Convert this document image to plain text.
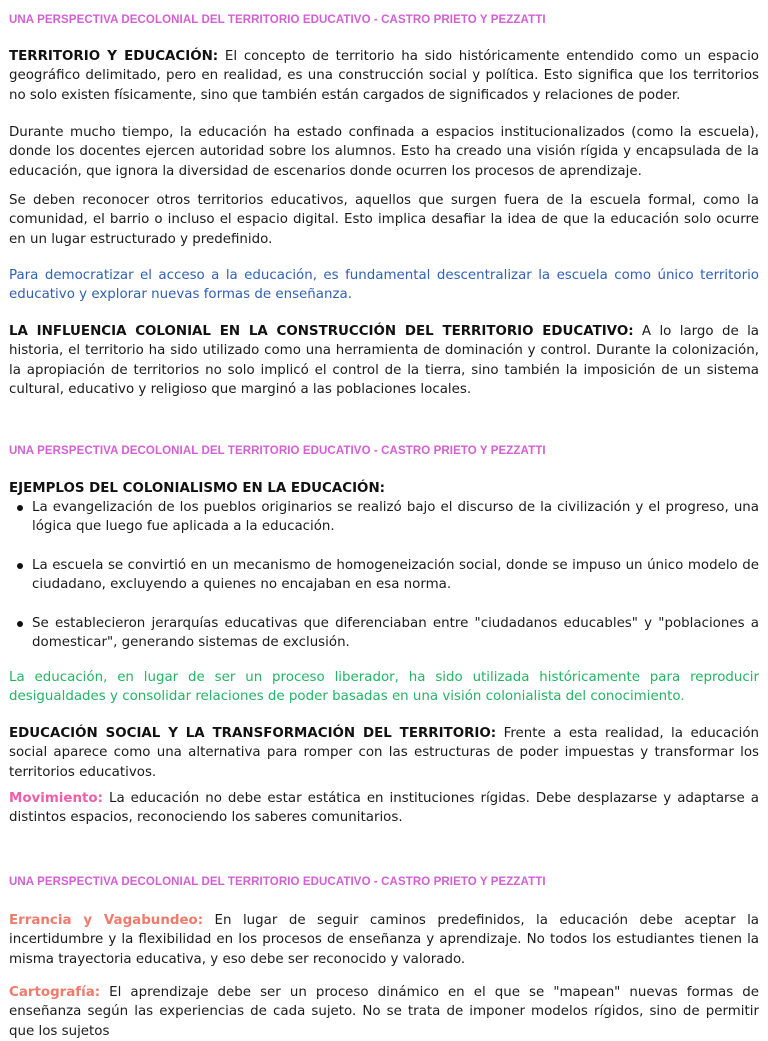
UNA PERSPECTIVA DECOLONIAL DEL TERRITORIO EDUCATIVO - CASTRO PRIETO Y PEZZATTI

TERRITORIO Y EDUCACIÓN: El concepto de territorio ha sido históricamente entendido como un espacio geográfico delimitado, pero en realidad, es una construcción social y política. Esto significa que los territorios no solo existen físicamente, sino que también están cargados de significados y relaciones de poder.

Durante mucho tiempo, la educación ha estado confinada a espacios institucionalizados (como la escuela), donde los docentes ejercen autoridad sobre los alumnos. Esto ha creado una visión rígida y encapsulada de la educación, que ignora la diversidad de escenarios donde ocurren los procesos de aprendizaje.

Se deben reconocer otros territorios educativos, aquellos que surgen fuera de la escuela formal, como la comunidad, el barrio o incluso el espacio digital. Esto implica desafiar la idea de que la educación solo ocurre en un lugar estructurado y predefinido.

Para democratizar el acceso a la educación, es fundamental descentralizar la escuela como único territorio educativo y explorar nuevas formas de enseñanza.

LA INFLUENCIA COLONIAL EN LA CONSTRUCCIÓN DEL TERRITORIO EDUCATIVO: A lo largo de la historia, el territorio ha sido utilizado como una herramienta de dominación y control. Durante la colonización, la apropiación de territorios no solo implicó el control de la tierra, sino también la imposición de un sistema cultural, educativo y religioso que marginó a las poblaciones locales.

UNA PERSPECTIVA DECOLONIAL DEL TERRITORIO EDUCATIVO - CASTRO PRIETO Y PEZZATTI

EJEMPLOS DEL COLONIALISMO EN LA EDUCACIÓN:

La evangelización de los pueblos originarios se realizó bajo el discurso de la civilización y el progreso, una lógica que luego fue aplicada a la educación.
La escuela se convirtió en un mecanismo de homogeneización social, donde se impuso un único modelo de ciudadano, excluyendo a quienes no encajaban en esa norma.
Se establecieron jerarquías educativas que diferenciaban entre "ciudadanos educables" y "poblaciones a domesticar", generando sistemas de exclusión.

La educación, en lugar de ser un proceso liberador, ha sido utilizada históricamente para reproducir desigualdades y consolidar relaciones de poder basadas en una visión colonialista del conocimiento.

EDUCACIÓN SOCIAL Y LA TRANSFORMACIÓN DEL TERRITORIO: Frente a esta realidad, la educación social aparece como una alternativa para romper con las estructuras de poder impuestas y transformar los territorios educativos.

Movimiento: La educación no debe estar estática en instituciones rígidas. Debe desplazarse y adaptarse a distintos espacios, reconociendo los saberes comunitarios.

UNA PERSPECTIVA DECOLONIAL DEL TERRITORIO EDUCATIVO - CASTRO PRIETO Y PEZZATTI

Errancia y Vagabundeo: En lugar de seguir caminos predefinidos, la educación debe aceptar la incertidumbre y la flexibilidad en los procesos de enseñanza y aprendizaje. No todos los estudiantes tienen la misma trayectoria educativa, y eso debe ser reconocido y valorado.

Cartografía: El aprendizaje debe ser un proceso dinámico en el que se "mapean" nuevas formas de enseñanza según las experiencias de cada sujeto. No se trata de imponer modelos rígidos, sino de permitir que los sujetos
